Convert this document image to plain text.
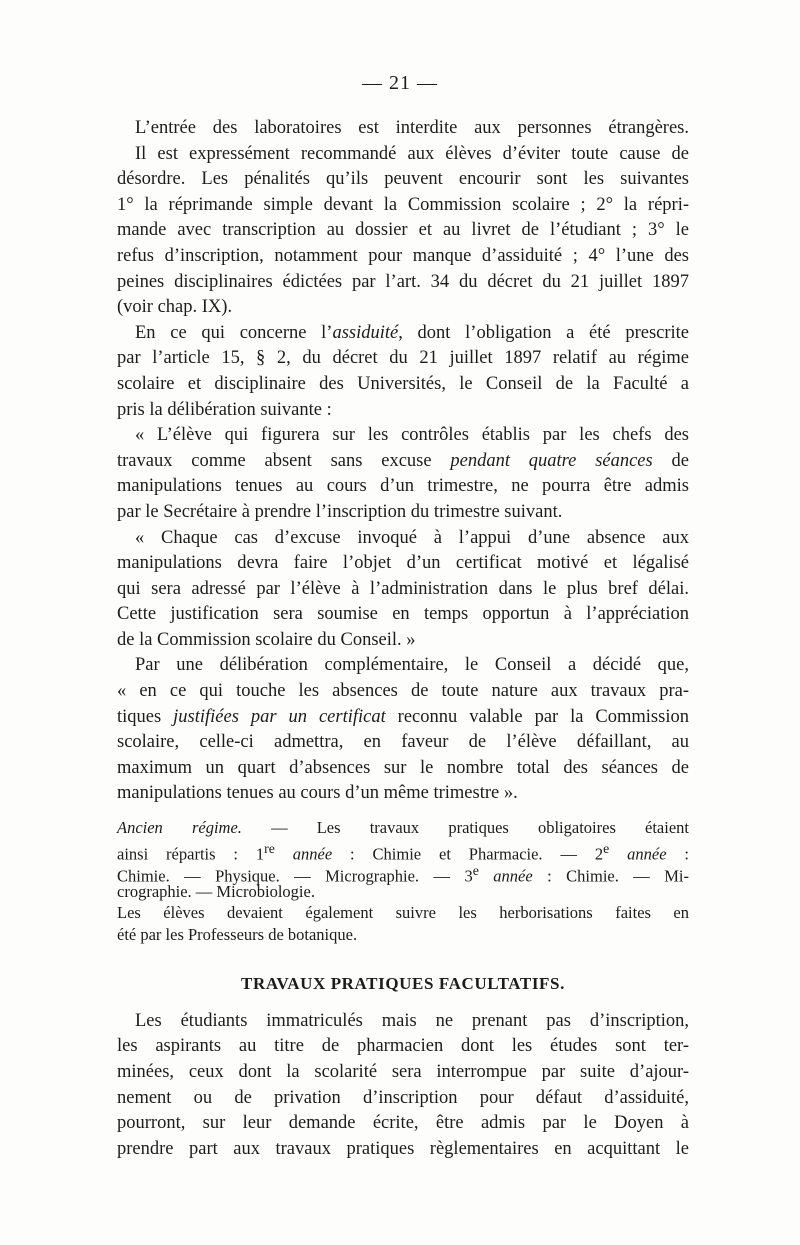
— 21 —
L’entrée des laboratoires est interdite aux personnes étrangères.
Il est expressément recommandé aux élèves d’éviter toute cause de
désordre. Les pénalités qu’ils peuvent encourir sont les suivantes
1° la réprimande simple devant la Commission scolaire ; 2° la répri-
mande avec transcription au dossier et au livret de l’étudiant ; 3° le
refus d’inscription, notamment pour manque d’assiduité ; 4° l’une des
peines disciplinaires édictées par l’art. 34 du décret du 21 juillet 1897
(voir chap. IX).
En ce qui concerne l’assiduité, dont l’obligation a été prescrite
par l’article 15, § 2, du décret du 21 juillet 1897 relatif au régime
scolaire et disciplinaire des Universités, le Conseil de la Faculté a
pris la délibération suivante :
« L’élève qui figurera sur les contrôles établis par les chefs des
travaux comme absent sans excuse pendant quatre séances de
manipulations tenues au cours d’un trimestre, ne pourra être admis
par le Secrétaire à prendre l’inscription du trimestre suivant.
« Chaque cas d’excuse invoqué à l’appui d’une absence aux
manipulations devra faire l’objet d’un certificat motivé et légalisé
qui sera adressé par l’élève à l’administration dans le plus bref délai.
Cette justification sera soumise en temps opportun à l’appréciation
de la Commission scolaire du Conseil. »
Par une délibération complémentaire, le Conseil a décidé que,
« en ce qui touche les absences de toute nature aux travaux pra-
tiques justifiées par un certificat reconnu valable par la Commission
scolaire, celle-ci admettra, en faveur de l’élève défaillant, au
maximum un quart d’absences sur le nombre total des séances de
manipulations tenues au cours d’un même trimestre ».
Ancien régime. — Les travaux pratiques obligatoires étaient
ainsi répartis : 1re année : Chimie et Pharmacie. — 2e année :
Chimie. — Physique. — Micrographie. — 3e année : Chimie. — Mi-
crographie. — Microbiologie.
Les élèves devaient également suivre les herborisations faites en
été par les Professeurs de botanique.
TRAVAUX PRATIQUES FACULTATIFS.
Les étudiants immatriculés mais ne prenant pas d’inscription,
les aspirants au titre de pharmacien dont les études sont ter-
minées, ceux dont la scolarité sera interrompue par suite d’ajour-
nement ou de privation d’inscription pour défaut d’assiduité,
pourront, sur leur demande écrite, être admis par le Doyen à
prendre part aux travaux pratiques règlementaires en acquittant le
